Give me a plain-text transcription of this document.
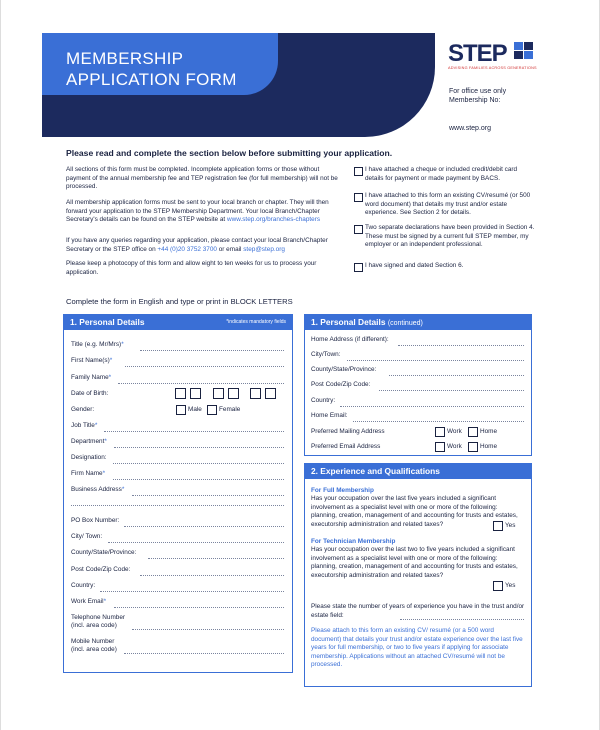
MEMBERSHIP
APPLICATION FORM
STEP
ADVISING FAMILIES ACROSS GENERATIONS
For office use only
Membership No:
www.step.org
Please read and complete the section below before submitting your application.
All sections of this form must be completed. Incomplete application forms or those without payment of the annual membership fee and TEP registration fee (for full membership) will not be processed.
All membership application forms must be sent to your local branch or chapter. They will then forward your application to the STEP Membership Department. Your local Branch/Chapter Secretary's details can be found on the STEP website at www.step.org/branches-chapters
If you have any queries regarding your application, please contact your local Branch/Chapter Secretary or the STEP office on +44 (0)20 3752 3700 or email step@step.org
Please keep a photocopy of this form and allow eight to ten weeks for us to process your application.
I have attached a cheque or included credit/debit card details for payment or made payment by BACS.
I have attached to this form an existing CV/resumé (or 500 word document) that details my trust and/or estate experience. See Section 2 for details.
Two separate declarations have been provided in Section 4. These must be signed by a current full STEP member, my employer or an independent professional.
I have signed and dated Section 6.
Complete the form in English and type or print in BLOCK LETTERS
1. Personal Details	*indicates mandatory fields
Title (e.g. Mr/Mrs)*
First Name(s)*
Family Name*
Date of Birth:
Gender:	Male	Female
Job Title*
Department*
Designation:
Firm Name*
Business Address*
PO Box Number:
City/ Town:
County/State/Province:
Post Code/Zip Code:
Country:
Work Email*
Telephone Number
(incl. area code)
Mobile Number
(incl. area code)
1. Personal Details (continued)
Home Address (if different):
City/Town:
County/State/Province:
Post Code/Zip Code:
Country:
Home Email:
Preferred Mailing Address	Work	Home
Preferred Email Address	Work	Home
2. Experience and Qualifications
For Full Membership
Has your occupation over the last five years included a significant involvement as a specialist level with one or more of the following: planning, creation, management of and accounting for trusts and estates, executorship administration and related taxes?	Yes
For Technician Membership
Has your occupation over the last two to five years included a significant involvement as a specialist level with one or more of the following: planning, creation, management of and accounting for trusts and estates, executorship administration and related taxes?
Yes
Please state the number of years of experience you have in the trust and/or estate field:
Please attach to this form an existing CV/ resumé (or a 500 word document) that details your trust and/or estate experience over the last five years for full membership, or two to five years if applying for associate membership. Applications without an attached CV/resumé will not be processed.
